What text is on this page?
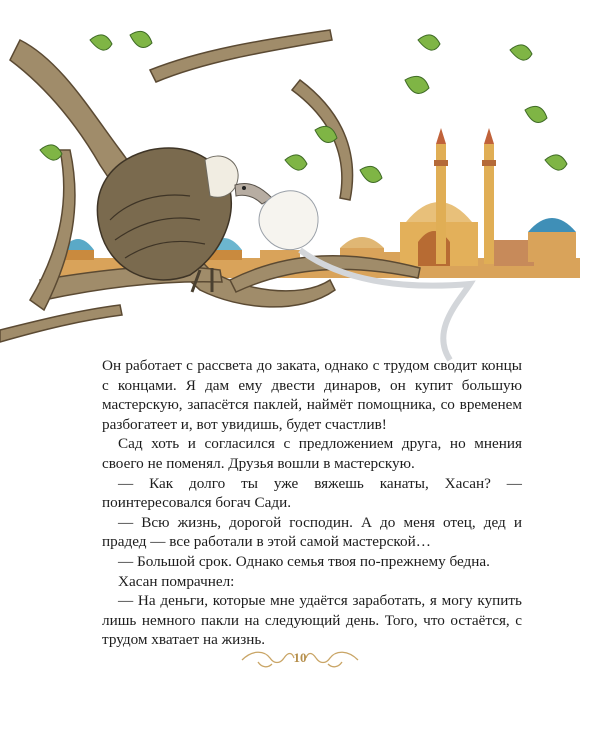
Он работает с рассвета до заката, однако с трудом сводит концы с концами. Я дам ему двести динаров, он купит большую мастерскую, запасётся паклей, наймёт помощника, со временем разбогатеет и, вот увидишь, будет счастлив!

Сад хоть и согласился с предложением друга, но мнения своего не поменял. Друзья вошли в мастерскую.

— Как долго ты уже вяжешь канаты, Хасан? — поинтересовался богач Сади.

— Всю жизнь, дорогой господин. А до меня отец, дед и прадед — все работали в этой самой мастерской…

— Большой срок. Однако семья твоя по-прежнему бедна.

Хасан помрачнел:

— На деньги, которые мне удаётся заработать, я могу купить лишь немного пакли на следующий день. Того, что остаётся, с трудом хватает на жизнь.

10
